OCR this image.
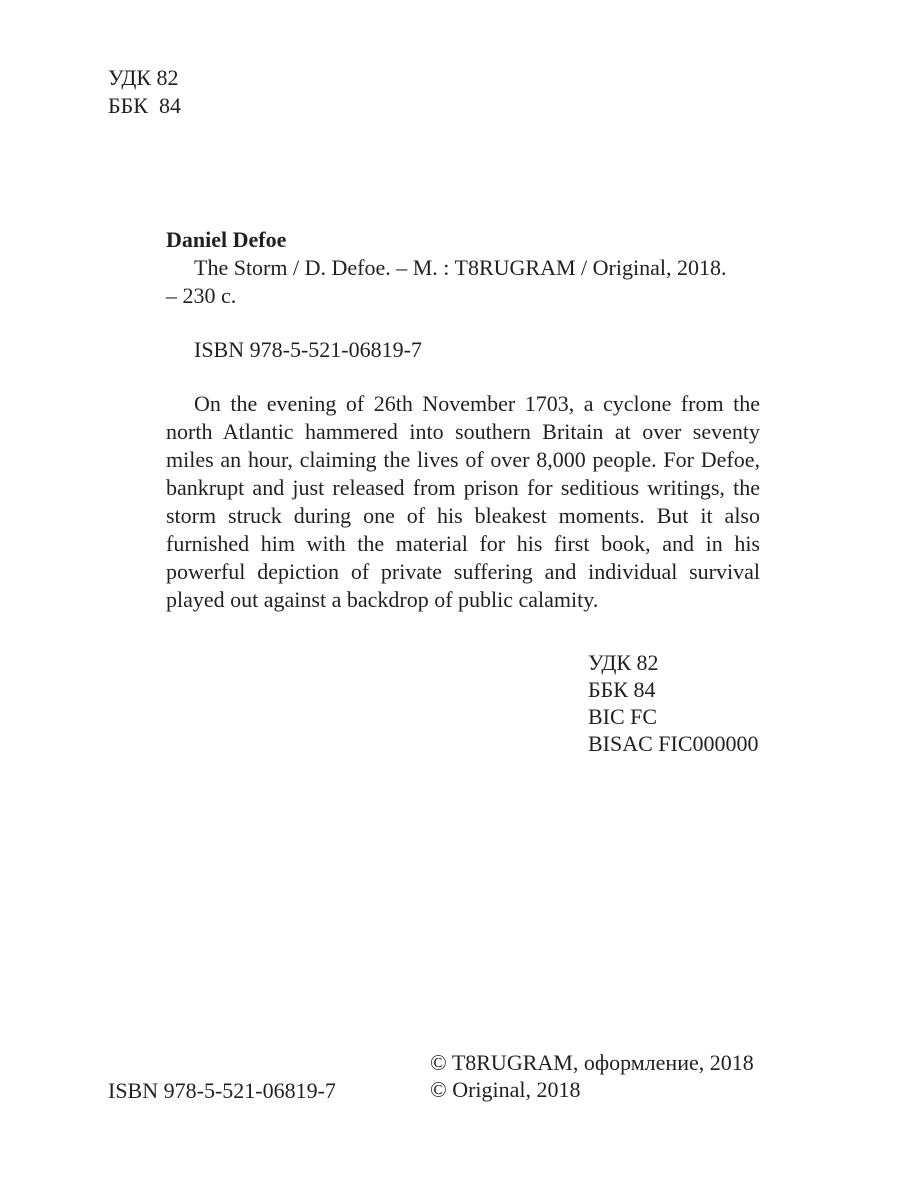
УДК 82
ББК  84
Daniel Defoe
The Storm / D. Defoe. – M. : T8RUGRAM / Original, 2018.
– 230 c.
ISBN 978-5-521-06819-7
On the evening of 26th November 1703, a cyclone from the north Atlantic hammered into southern Britain at over seventy miles an hour, claiming the lives of over 8,000 people. For Defoe, bankrupt and just released from prison for seditious writings, the storm struck during one of his bleakest moments. But it also furnished him with the material for his first book, and in his powerful depiction of private suffering and individual survival played out against a backdrop of public calamity.
УДК 82
ББК 84
BIC FC
BISAC FIC000000
© T8RUGRAM, оформление, 2018
© Original, 2018
ISBN 978-5-521-06819-7
